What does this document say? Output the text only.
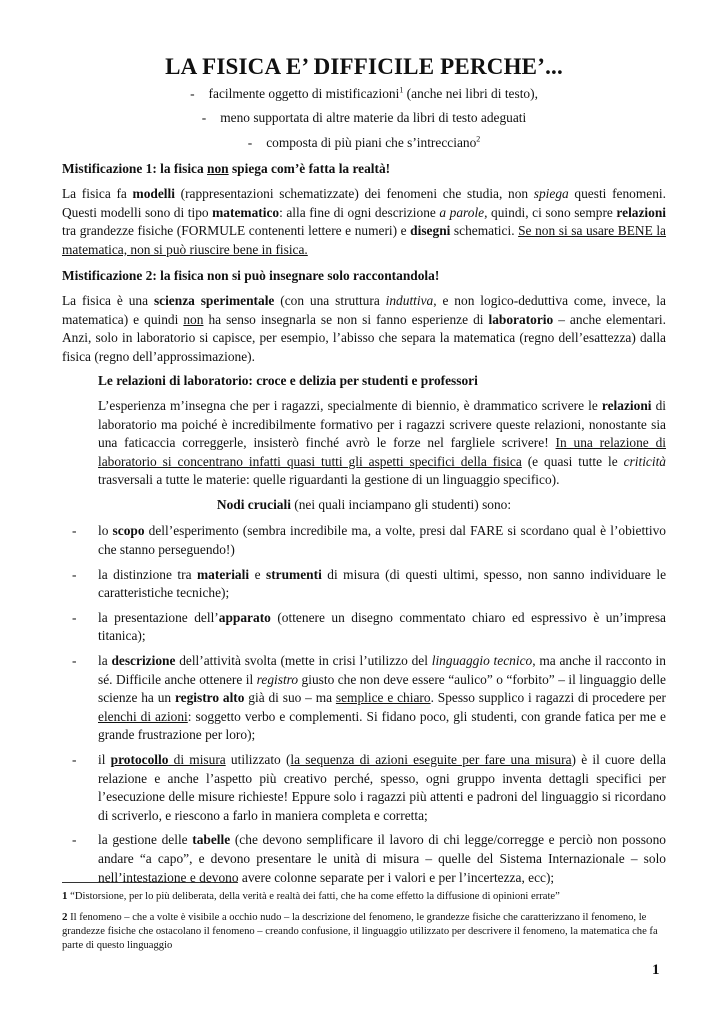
LA FISICA E’ DIFFICILE PERCHE’...
- facilmente oggetto di mistificazioni$^1$ (anche nei libri di testo),
- meno supportata di altre materie da libri di testo adeguati
- composta di più piani che s’intrecciano$^2$
Mistificazione 1: la fisica non spiega com’è fatta la realtà!

La fisica fa modelli (rappresentazioni schematizzate) dei fenomeni che studia, non spiega questi fenomeni. Questi modelli sono di tipo matematico: alla fine di ogni descrizione a parole, quindi, ci sono sempre relazioni tra grandezze fisiche (FORMULE contenenti lettere e numeri) e disegni schematici. Se non si sa usare BENE la matematica, non si può riuscire bene in fisica.

Mistificazione 2: la fisica non si può insegnare solo raccontandola!

La fisica è una scienza sperimentale (con una struttura induttiva, e non logico-deduttiva come, invece, la matematica) e quindi non ha senso insegnarla se non si fanno esperienze di laboratorio – anche elementari. Anzi, solo in laboratorio si capisce, per esempio, l’abisso che separa la matematica (regno dell’esattezza) dalla fisica (regno dell’approssimazione).

Le relazioni di laboratorio: croce e delizia per studenti e professori

L’esperienza m’insegna che per i ragazzi, specialmente di biennio, è drammatico scrivere le relazioni di laboratorio ma poiché è incredibilmente formativo per i ragazzi scrivere queste relazioni, nonostante sia una faticaccia correggerle, insisterò finché avrò le forze nel fargliele scrivere! In una relazione di laboratorio si concentrano infatti quasi tutti gli aspetti specifici della fisica (e quasi tutte le criticità trasversali a tutte le materie: quelle riguardanti la gestione di un linguaggio specifico).

Nodi cruciali (nei quali inciampano gli studenti) sono:
- lo scopo dell’esperimento (sembra incredibile ma, a volte, presi dal FARE si scordano qual è l’obiettivo che stanno perseguendo!)
- la distinzione tra materiali e strumenti di misura (di questi ultimi, spesso, non sanno individuare le caratteristiche tecniche);
- la presentazione dell’apparato (ottenere un disegno commentato chiaro ed espressivo è un’impresa titanica);
- la descrizione dell’attività svolta (mette in crisi l’utilizzo del linguaggio tecnico, ma anche il racconto in sé. Difficile anche ottenere il registro giusto che non deve essere “aulico” o “forbito” – il linguaggio delle scienze ha un registro alto già di suo – ma semplice e chiaro. Spesso supplico i ragazzi di procedere per elenchi di azioni: soggetto verbo e complementi. Si fidano poco, gli studenti, con grande fatica per me e grande frustrazione per loro);
- il protocollo di misura utilizzato (la sequenza di azioni eseguite per fare una misura) è il cuore della relazione e anche l’aspetto più creativo perché, spesso, ogni gruppo inventa dettagli specifici per l’esecuzione delle misure richieste! Eppure solo i ragazzi più attenti e padroni del linguaggio si ricordano di scriverlo, e riescono a farlo in maniera completa e corretta;
- la gestione delle tabelle (che devono semplificare il lavoro di chi legge/corregge e perciò non possono andare “a capo”, e devono presentare le unità di misura – quelle del Sistema Internazionale – solo nell’intestazione e devono avere colonne separate per i valori e per l’incertezza, ecc);
1 “Distorsione, per lo più deliberata, della verità e realtà dei fatti, che ha come effetto la diffusione di opinioni errate”
2 Il fenomeno – che a volte è visibile a occhio nudo – la descrizione del fenomeno, le grandezze fisiche che caratterizzano il fenomeno, le grandezze fisiche che ostacolano il fenomeno – creando confusione, il linguaggio utilizzato per descrivere il fenomeno, la matematica che fa parte di questo linguaggio
1
